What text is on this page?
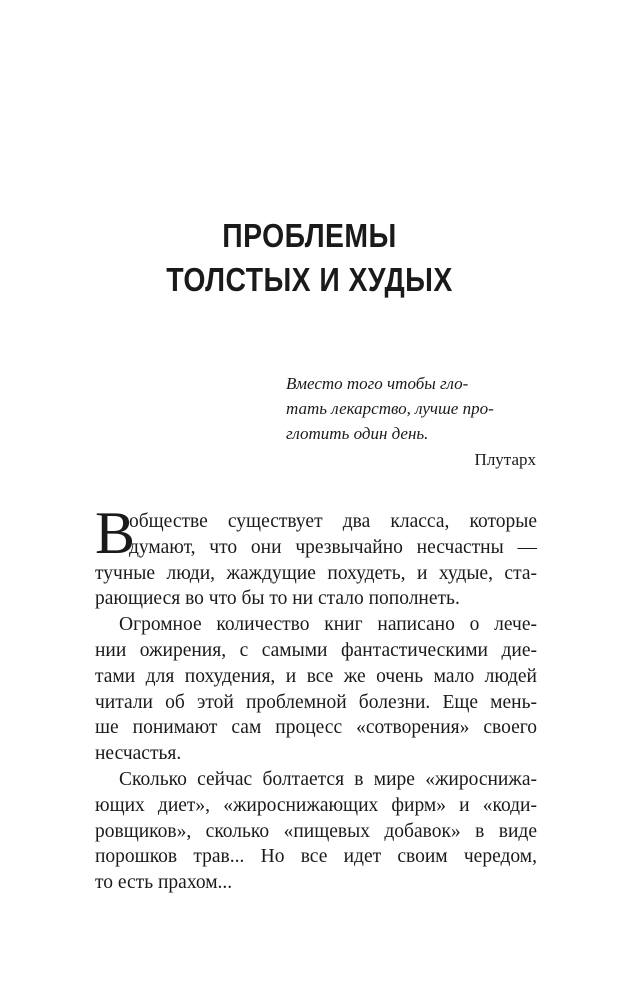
ПРОБЛЕМЫ
ТОЛСТЫХ И ХУДЫХ
Вместо того чтобы гло-
тать лекарство, лучше про-
глотить один день.
Плутарх
В
обществе существует два класса, которые
думают, что они чрезвычайно несчастны —
тучные люди, жаждущие похудеть, и худые, ста-
рающиеся во что бы то ни стало пополнеть.
Огромное количество книг написано о лече-
нии ожирения, с самыми фантастическими дие-
тами для похудения, и все же очень мало людей
читали об этой проблемной болезни. Еще мень-
ше понимают сам процесс «сотворения» своего
несчастья.
Сколько сейчас болтается в мире «жироснижа-
ющих диет», «жироснижающих фирм» и «коди-
ровщиков», сколько «пищевых добавок» в виде
порошков трав... Но все идет своим чередом,
то есть прахом...
